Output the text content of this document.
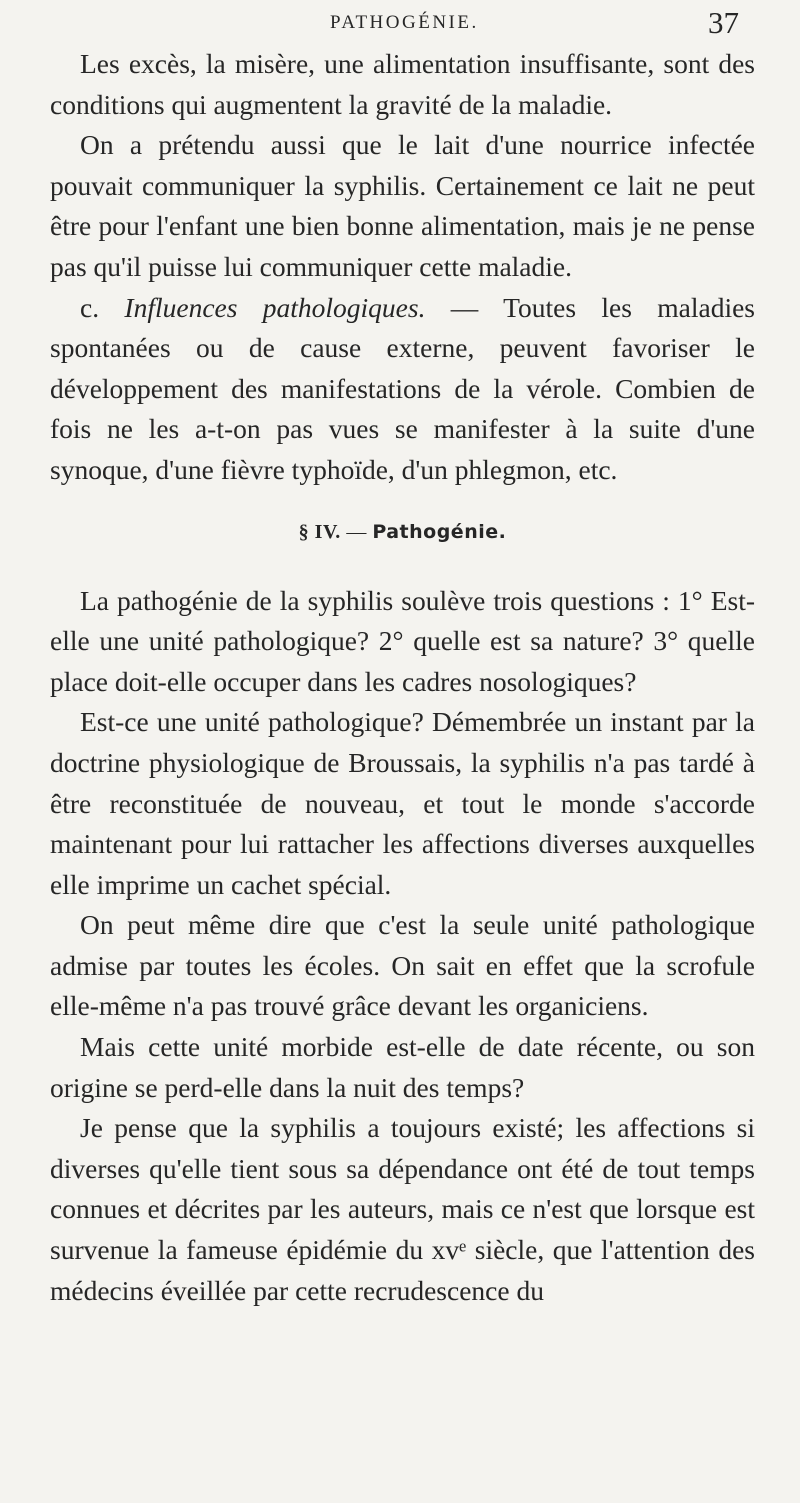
PATHOGÉNIE.	37

Les excès, la misère, une alimentation insuffisante, sont des conditions qui augmentent la gravité de la maladie.

On a prétendu aussi que le lait d'une nourrice infectée pouvait communiquer la syphilis. Certainement ce lait ne peut être pour l'enfant une bien bonne alimentation, mais je ne pense pas qu'il puisse lui communiquer cette maladie.

c. Influences pathologiques. — Toutes les maladies spontanées ou de cause externe, peuvent favoriser le développement des manifestations de la vérole. Combien de fois ne les a-t-on pas vues se manifester à la suite d'une synoque, d'une fièvre typhoïde, d'un phlegmon, etc.

§ IV. — Pathogénie.

La pathogénie de la syphilis soulève trois questions : 1° Est-elle une unité pathologique? 2° quelle est sa nature? 3° quelle place doit-elle occuper dans les cadres nosologiques?

Est-ce une unité pathologique? Démembrée un instant par la doctrine physiologique de Broussais, la syphilis n'a pas tardé à être reconstituée de nouveau, et tout le monde s'accorde maintenant pour lui rattacher les affections diverses auxquelles elle imprime un cachet spécial.

On peut même dire que c'est la seule unité pathologique admise par toutes les écoles. On sait en effet que la scrofule elle-même n'a pas trouvé grâce devant les organiciens.

Mais cette unité morbide est-elle de date récente, ou son origine se perd-elle dans la nuit des temps?

Je pense que la syphilis a toujours existé; les affections si diverses qu'elle tient sous sa dépendance ont été de tout temps connues et décrites par les auteurs, mais ce n'est que lorsque est survenue la fameuse épidémie du xvᵉ siècle, que l'attention des médecins éveillée par cette recrudescence du
